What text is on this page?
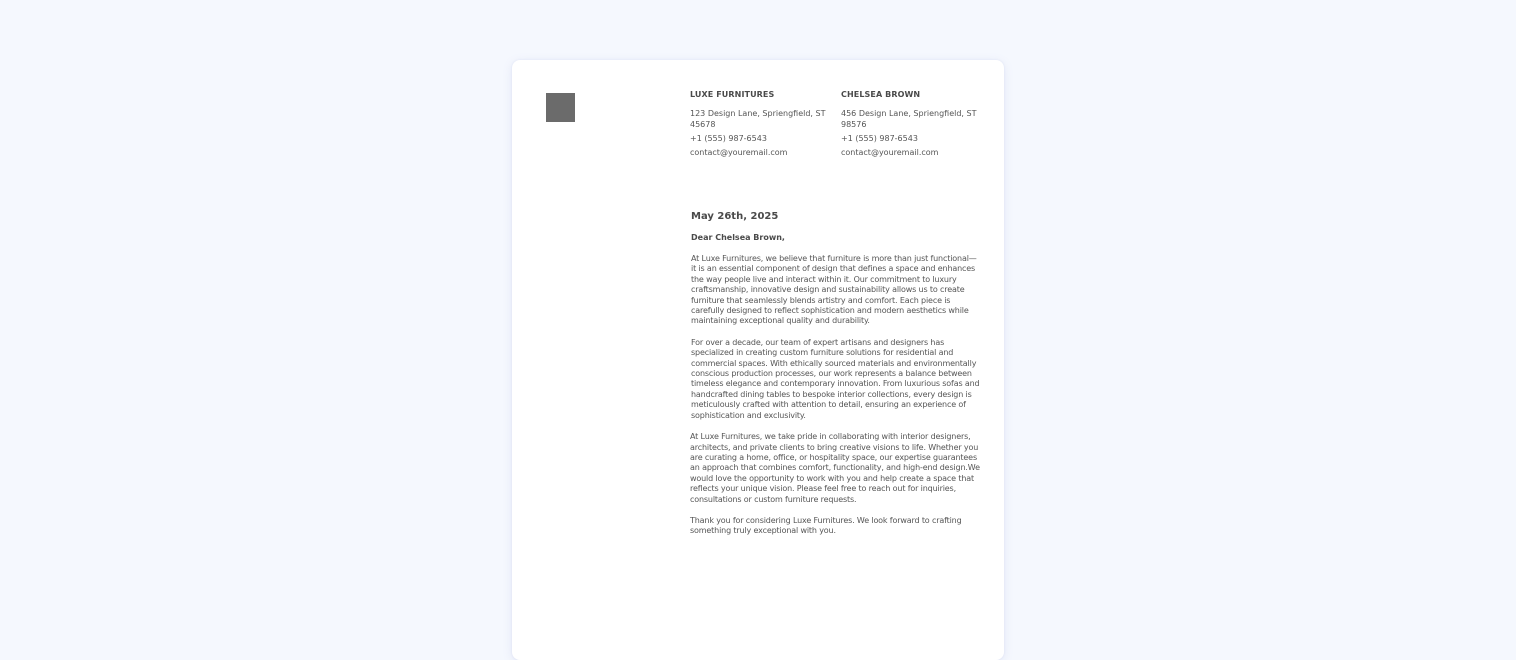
LUXE FURNITURES
123 Design Lane, Spriengfield, ST 45678
+1 (555) 987-6543
contact@youremail.com
CHELSEA BROWN
456 Design Lane, Spriengfield, ST 98576
+1 (555) 987-6543
contact@youremail.com
May 26th, 2025
Dear Chelsea Brown,

At Luxe Furnitures, we believe that furniture is more than just functional—it is an essential component of design that defines a space and enhances the way people live and interact within it. Our commitment to luxury craftsmanship, innovative design and sustainability allows us to create furniture that seamlessly blends artistry and comfort. Each piece is carefully designed to reflect sophistication and modern aesthetics while maintaining exceptional quality and durability.

For over a decade, our team of expert artisans and designers has specialized in creating custom furniture solutions for residential and commercial spaces. With ethically sourced materials and environmentally conscious production processes, our work represents a balance between timeless elegance and contemporary innovation. From luxurious sofas and handcrafted dining tables to bespoke interior collections, every design is meticulously crafted with attention to detail, ensuring an experience of sophistication and exclusivity.

At Luxe Furnitures, we take pride in collaborating with interior designers, architects, and private clients to bring creative visions to life. Whether you are curating a home, office, or hospitality space, our expertise guarantees an approach that combines comfort, functionality, and high-end design.We would love the opportunity to work with you and help create a space that reflects your unique vision. Please feel free to reach out for inquiries, consultations or custom furniture requests.

Thank you for considering Luxe Furnitures. We look forward to crafting something truly exceptional with you.
